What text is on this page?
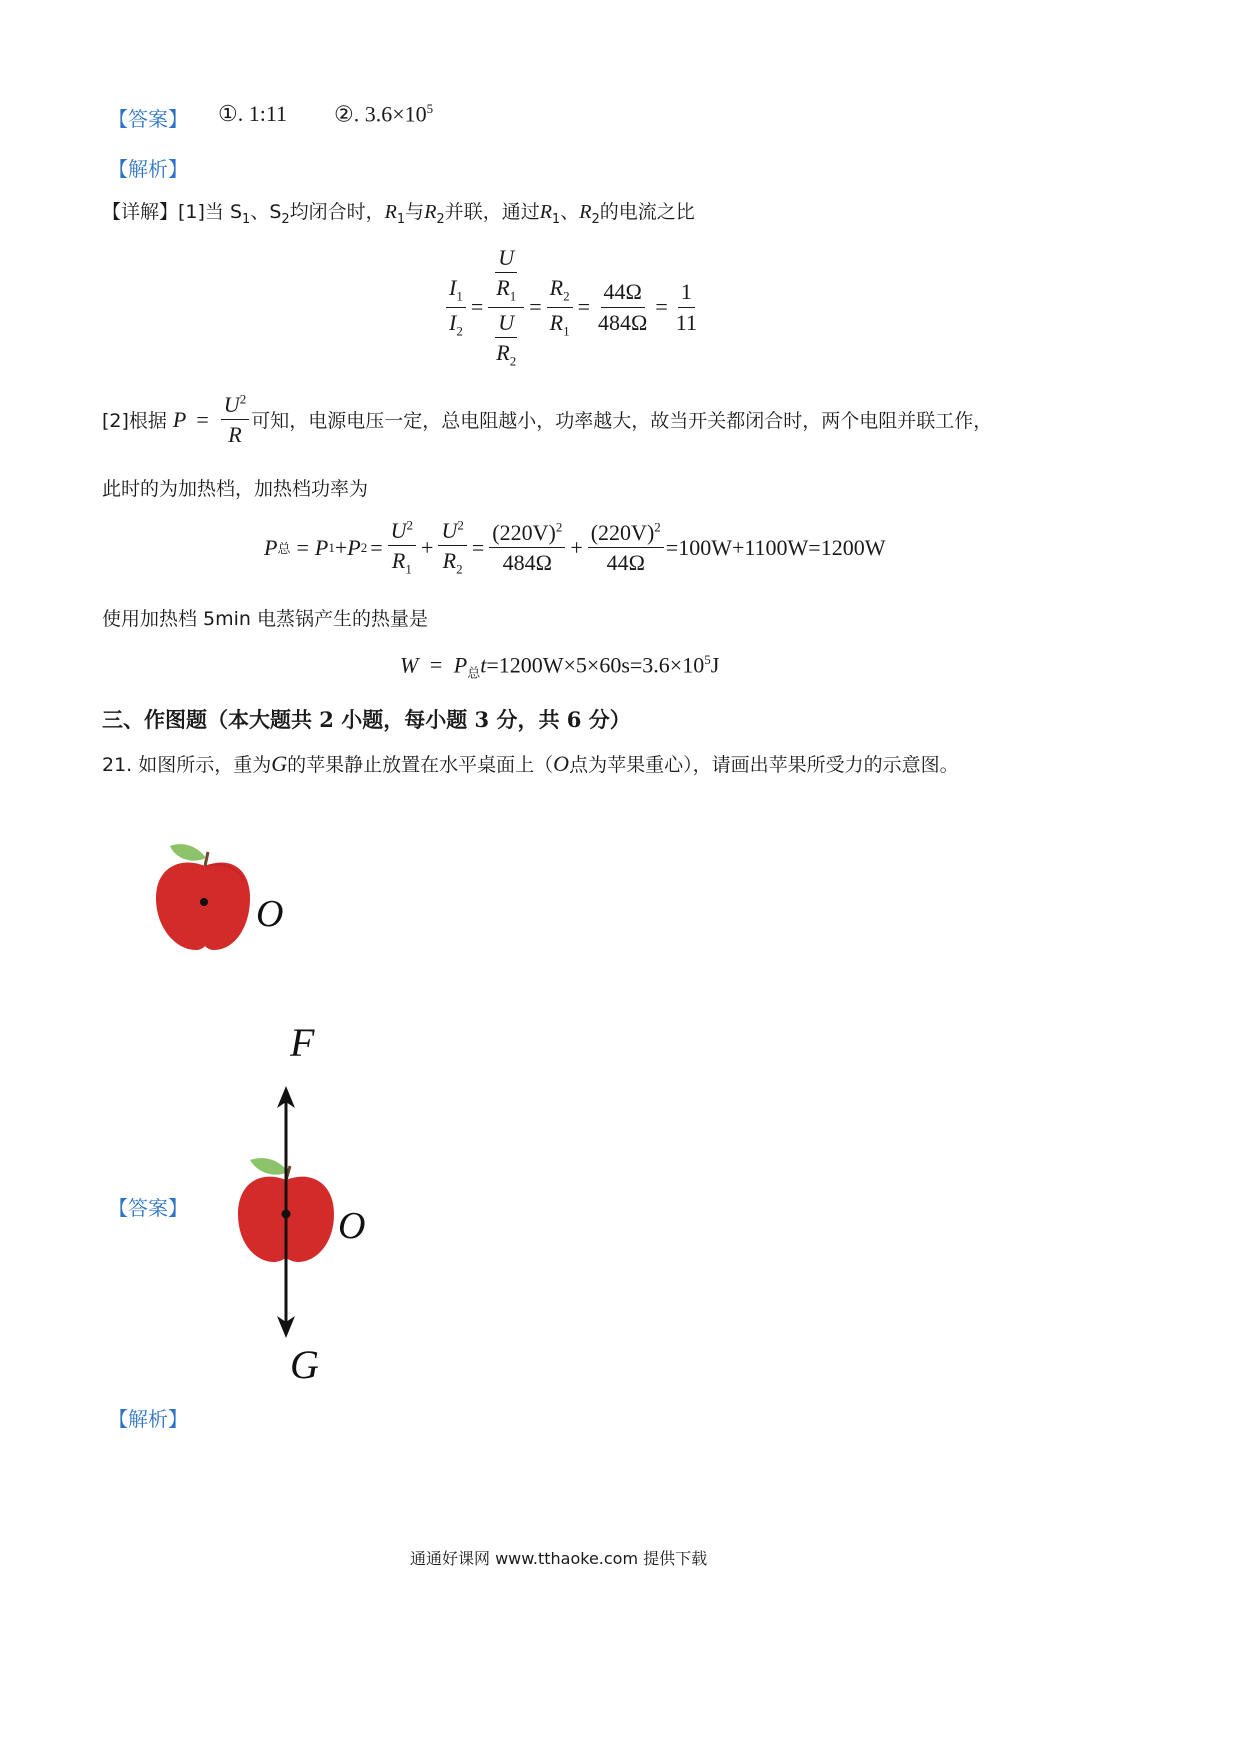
【答案】 ①. 1:11 ②. $3.6\times 10^5$
【解析】
【详解】[1]当 $S_1$、$S_2$均闭合时，$R_1$与$R_2$并联，通过$R_1$、$R_2$的电流之比
$\frac{I_1}{I_2} = \frac{\frac{U}{R_1}}{\frac{U}{R_2}} = \frac{R_2}{R_1} = \frac{44\Omega}{484\Omega} = \frac{1}{11}$
[2]根据 $P = \frac{U^2}{R}$ 可知，电源电压一定，总电阻越小，功率越大，故当开关都闭合时，两个电阻并联工作，
此时的为加热档，加热档功率为
P 总 = P 1 + P $2 = \frac{U^2}{R_1} + \frac{U^2}{R_2} = \frac{(220V)^2}{484\Omega} + \frac{(220V)^2}{44\Omega} =100W+1100W=1200W$
使用加热档 5min 电蒸锅产生的热量是
$W = P_总t=1200W\times 5\times 60s=3.6\times 10^5J$
三、作图题（本大题共 2 小题，每小题 3 分，共 6 分）
21. 如图所示，重为G的苹果静止放置在水平桌面上（O点为苹果重心），请画出苹果所受力的示意图。
O
【答案】
F
O
G
【解析】
通通好课网 www.tthaoke.com 提供下载
